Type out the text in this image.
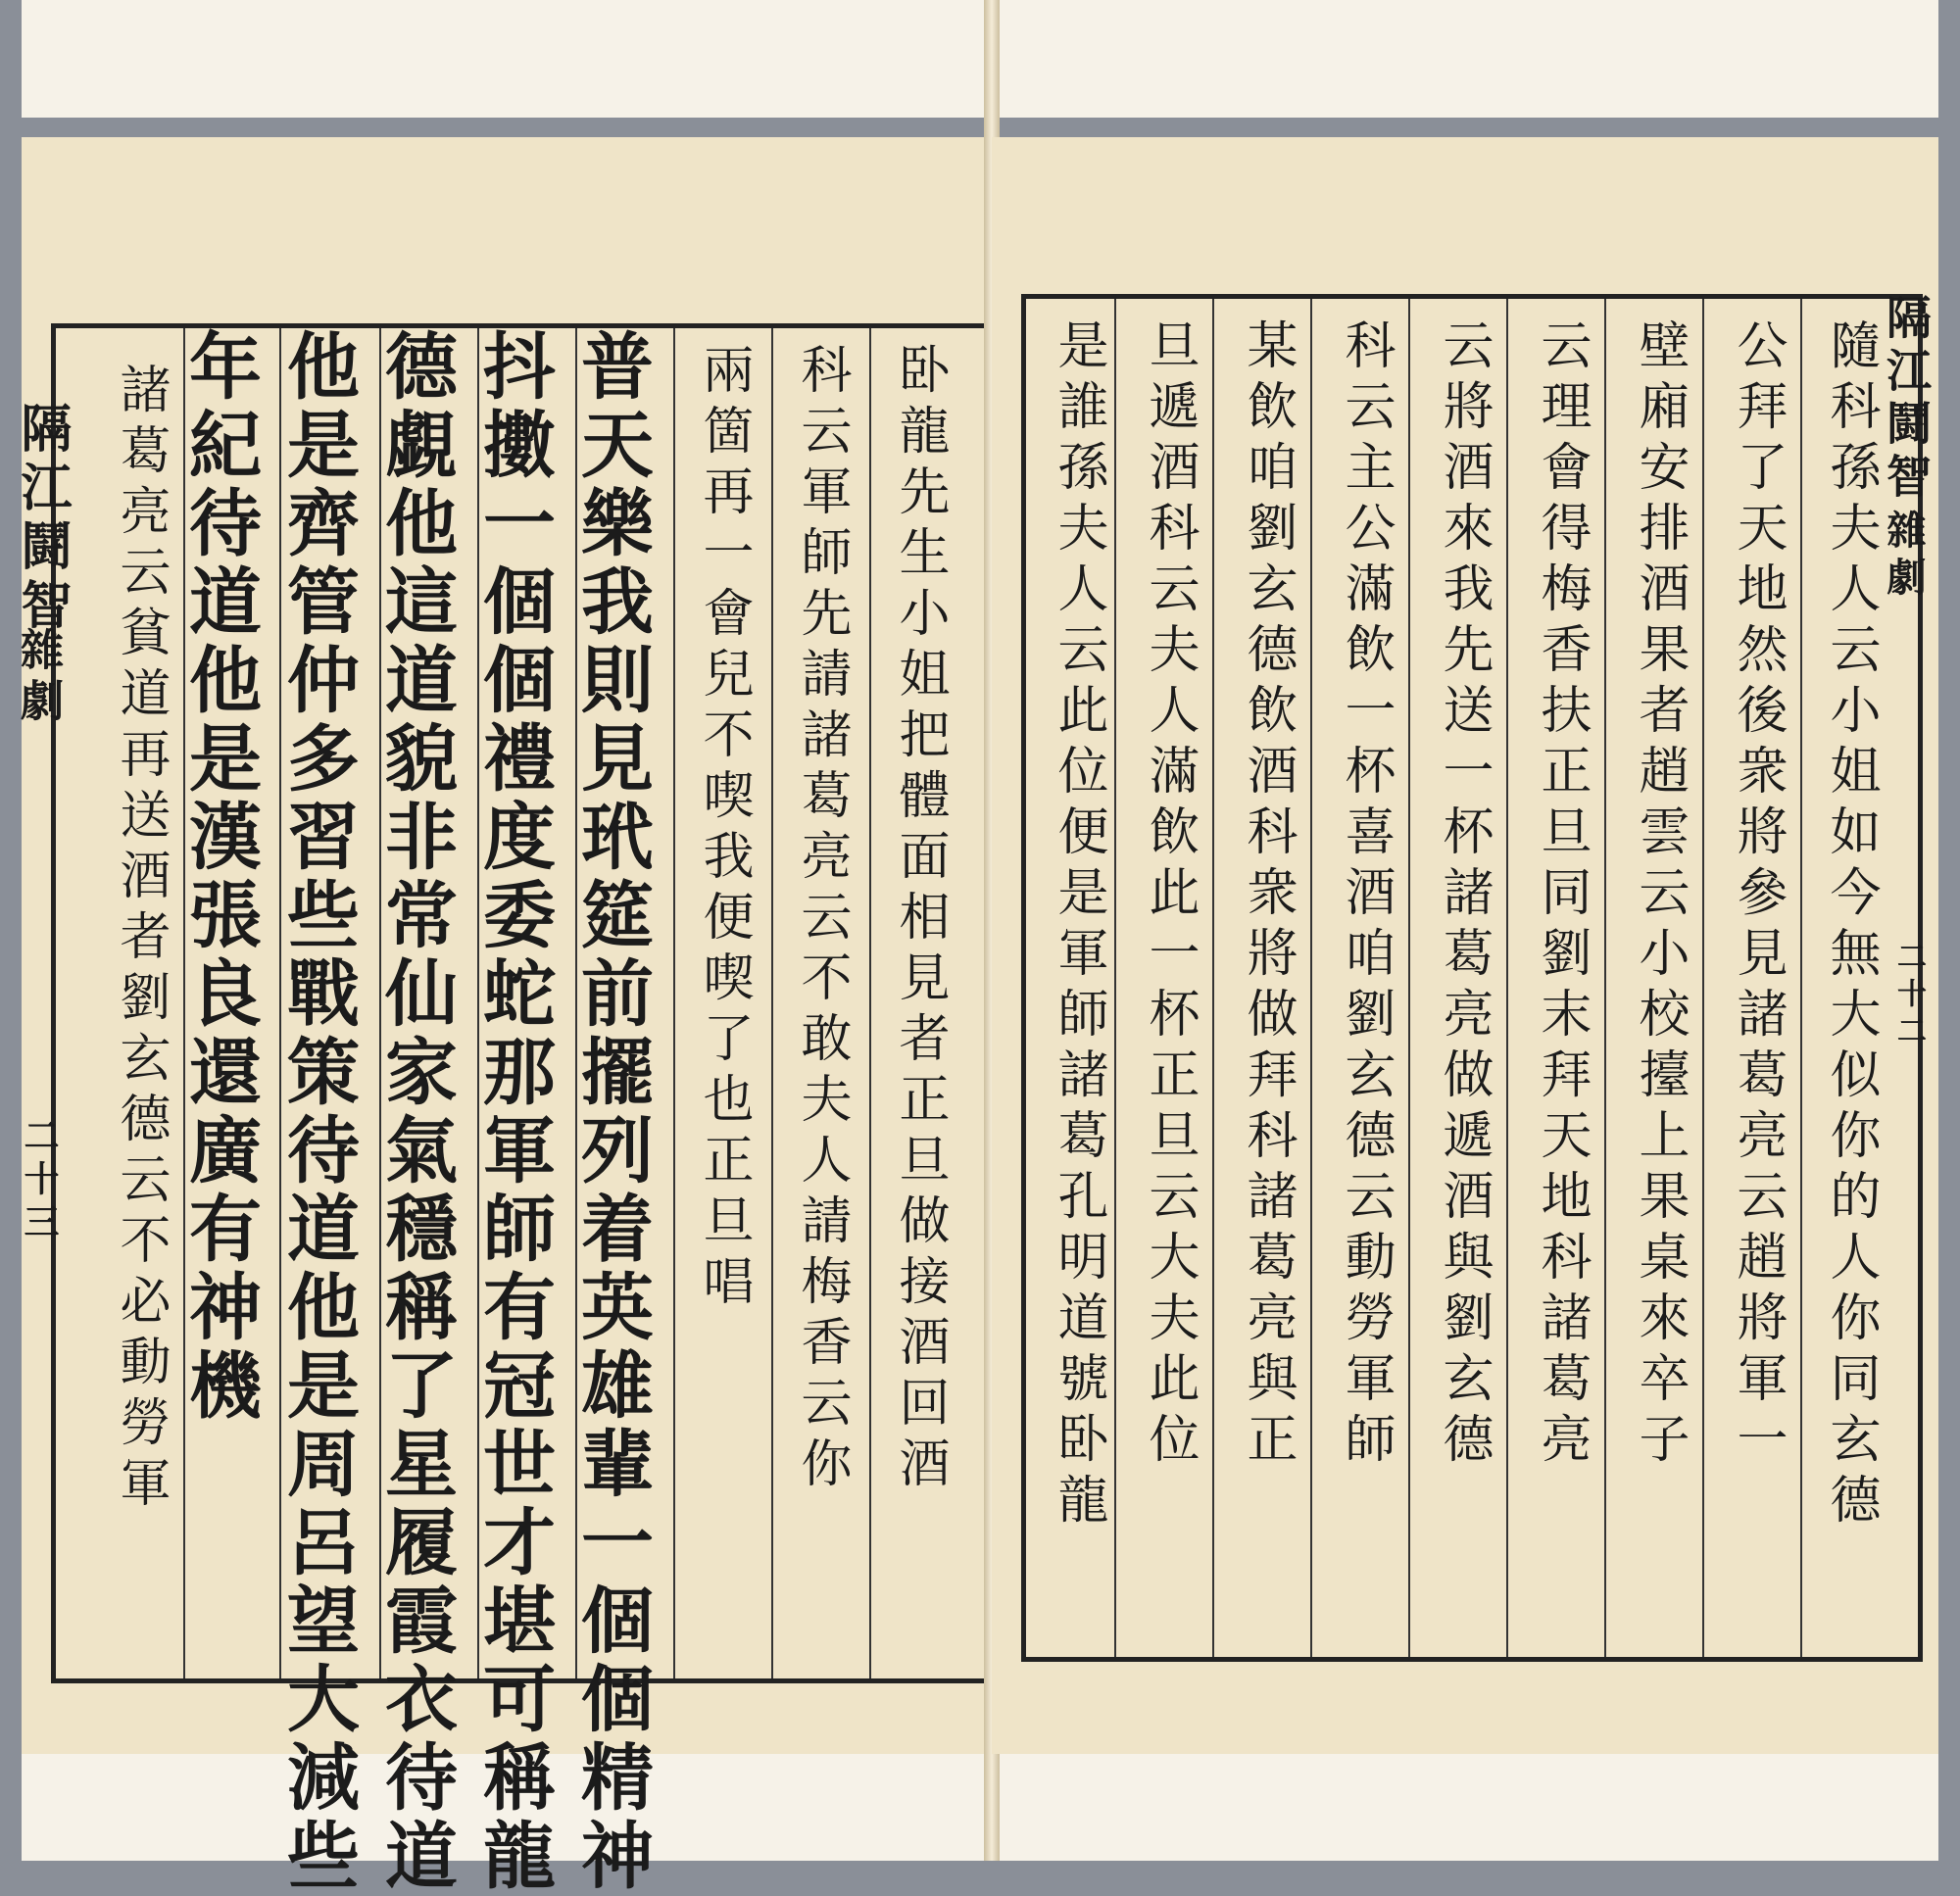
隔江鬪智
雜劇
二十三	卧龍先生小姐把體面相見者正旦做接酒回酒
科云軍師先請諸葛亮云不敢夫人請梅香云你
兩箇再一會兒不喫我便喫了也正旦唱
普天樂我則見玳筵前擺列着英雄輩一個個精神
抖擻一個個禮度委蛇那軍師有冠世才堪可稱龍
德覷他這道貌非常仙家氣穩稱了星履霞衣待道
他是齊管仲多習些戰策待道他是周呂望大減些
年紀待道他是漢張良還廣有神機
諸葛亮云貧道再送酒者劉玄德云不必動勞軍	隔江鬪智
雜劇
二十二
隨科孫夫人云小姐如今無大似你的人你同玄德
公拜了天地然後衆將參見諸葛亮云趙將軍一
壁廂安排酒果者趙雲云小校擡上果桌來卒子
云理會得梅香扶正旦同劉末拜天地科諸葛亮
云將酒來我先送一杯諸葛亮做遞酒與劉玄德
科云主公滿飲一杯喜酒咱劉玄德云動勞軍師
某飲咱劉玄德飲酒科衆將做拜科諸葛亮與正
旦遞酒科云夫人滿飲此一杯正旦云大夫此位
是誰孫夫人云此位便是軍師諸葛孔明道號卧龍
